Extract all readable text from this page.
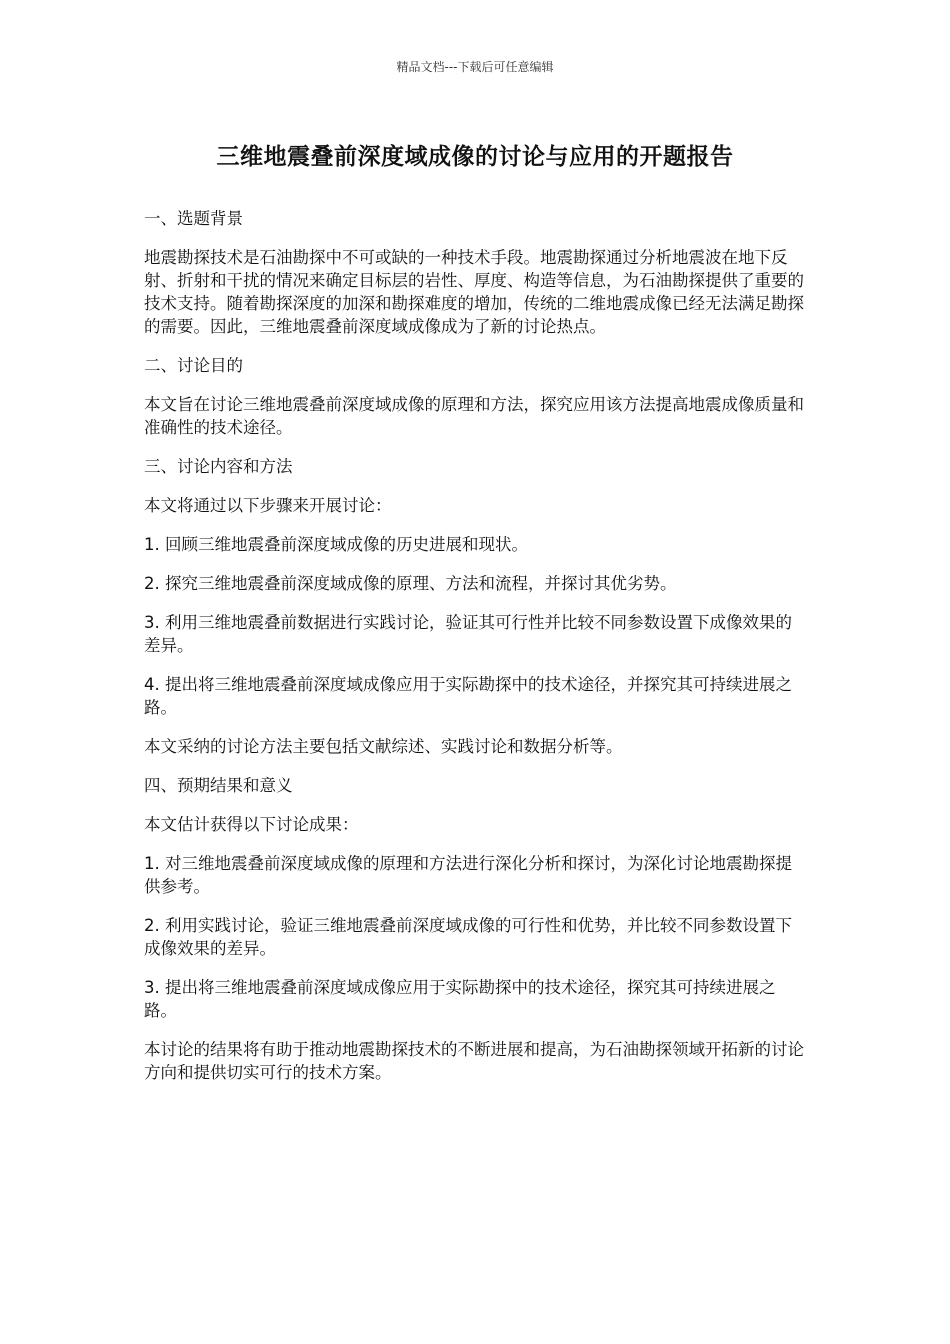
精品文档---下载后可任意编辑
三维地震叠前深度域成像的讨论与应用的开题报告

一、选题背景

地震勘探技术是石油勘探中不可或缺的一种技术手段。地震勘探通过分析地震波在地下反射、折射和干扰的情况来确定目标层的岩性、厚度、构造等信息，为石油勘探提供了重要的技术支持。随着勘探深度的加深和勘探难度的增加，传统的二维地震成像已经无法满足勘探的需要。因此，三维地震叠前深度域成像成为了新的讨论热点。

二、讨论目的

本文旨在讨论三维地震叠前深度域成像的原理和方法，探究应用该方法提高地震成像质量和准确性的技术途径。

三、讨论内容和方法

本文将通过以下步骤来开展讨论：

1. 回顾三维地震叠前深度域成像的历史进展和现状。

2. 探究三维地震叠前深度域成像的原理、方法和流程，并探讨其优劣势。

3. 利用三维地震叠前数据进行实践讨论，验证其可行性并比较不同参数设置下成像效果的差异。

4. 提出将三维地震叠前深度域成像应用于实际勘探中的技术途径，并探究其可持续进展之路。

本文采纳的讨论方法主要包括文献综述、实践讨论和数据分析等。

四、预期结果和意义

本文估计获得以下讨论成果：

1. 对三维地震叠前深度域成像的原理和方法进行深化分析和探讨，为深化讨论地震勘探提供参考。

2. 利用实践讨论，验证三维地震叠前深度域成像的可行性和优势，并比较不同参数设置下成像效果的差异。

3. 提出将三维地震叠前深度域成像应用于实际勘探中的技术途径，探究其可持续进展之路。

本讨论的结果将有助于推动地震勘探技术的不断进展和提高，为石油勘探领域开拓新的讨论方向和提供切实可行的技术方案。
